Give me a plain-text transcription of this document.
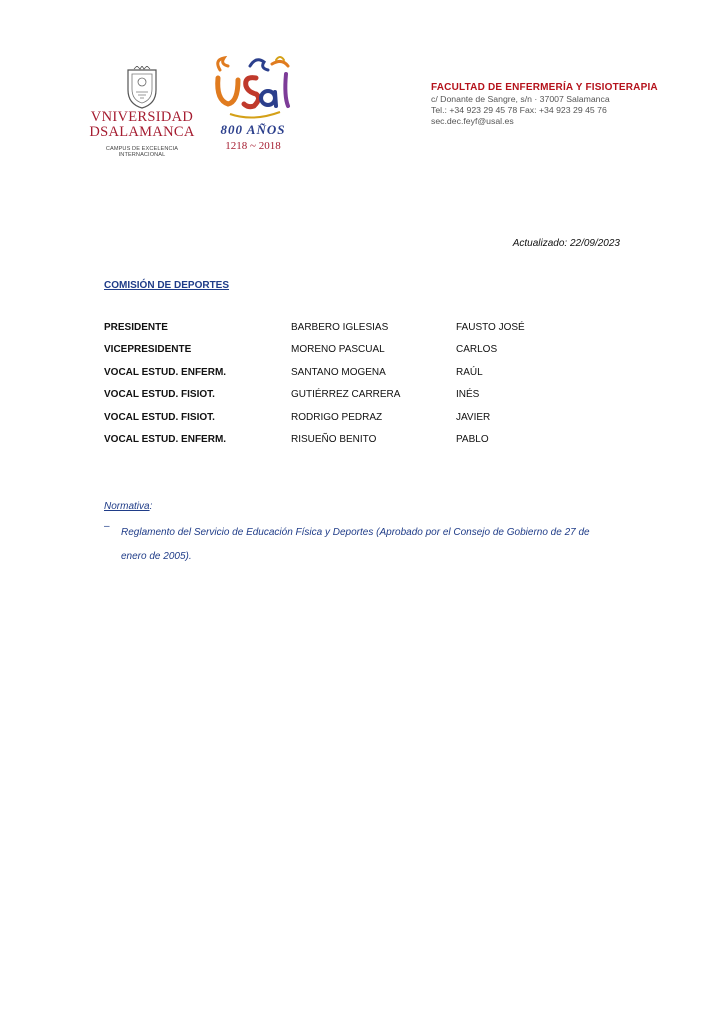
VNIVERSIDAD
DSALAMANCA
CAMPUS DE EXCELENCIA INTERNACIONAL
800 AÑOS
1218 ~ 2018
FACULTAD DE ENFERMERÍA Y FISIOTERAPIA
c/ Donante de Sangre, s/n · 37007 Salamanca
Tel.: +34 923 29 45 78 Fax: +34 923 29 45 76
sec.dec.feyf@usal.es
Actualizado: 22/09/2023
COMISIÓN DE DEPORTES
PRESIDENTE	BARBERO IGLESIAS	FAUSTO JOSÉ
VICEPRESIDENTE	MORENO PASCUAL	CARLOS
VOCAL ESTUD. ENFERM.	SANTANO MOGENA	RAÚL
VOCAL ESTUD. FISIOT.	GUTIÉRREZ CARRERA	INÉS
VOCAL ESTUD. FISIOT.	RODRIGO PEDRAZ	JAVIER
VOCAL ESTUD. ENFERM.	RISUEÑO BENITO	PABLO
Normativa:
–
Reglamento del Servicio de Educación Física y Deportes (Aprobado por el Consejo de Gobierno de 27 de enero de 2005).
